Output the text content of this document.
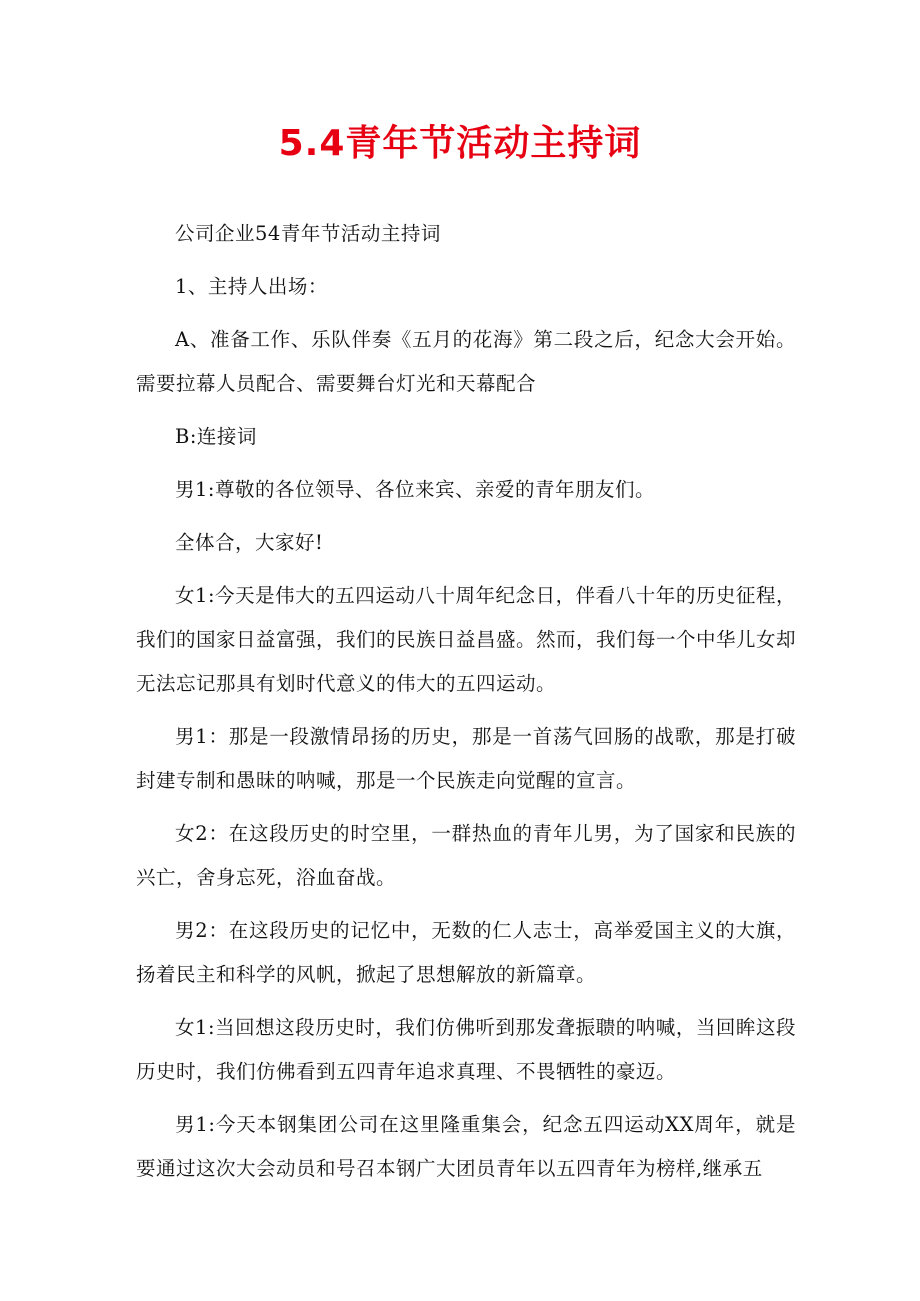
5.4青年节活动主持词

公司企业54青年节活动主持词

1、主持人出场：

A、准备工作、乐队伴奏《五月的花海》第二段之后，纪念大会开始。需要拉幕人员配合、需要舞台灯光和天幕配合

B:连接词

男1:尊敬的各位领导、各位来宾、亲爱的青年朋友们。

全体合，大家好!

女1:今天是伟大的五四运动八十周年纪念日，伴看八十年的历史征程，我们的国家日益富强，我们的民族日益昌盛。然而，我们每一个中华儿女却无法忘记那具有划时代意义的伟大的五四运动。

男1：那是一段激情昂扬的历史，那是一首荡气回肠的战歌，那是打破封建专制和愚昧的呐喊，那是一个民族走向觉醒的宣言。

女2：在这段历史的时空里，一群热血的青年儿男，为了国家和民族的兴亡，舍身忘死，浴血奋战。

男2：在这段历史的记忆中，无数的仁人志士，高举爱国主义的大旗，扬着民主和科学的风帆，掀起了思想解放的新篇章。

女1:当回想这段历史时，我们仿佛听到那发聋振聩的呐喊，当回眸这段历史时，我们仿佛看到五四青年追求真理、不畏牺牲的豪迈。

男1:今天本钢集团公司在这里隆重集会，纪念五四运动XX周年，就是要通过这次大会动员和号召本钢广大团员青年以五四青年为榜样,继承五
